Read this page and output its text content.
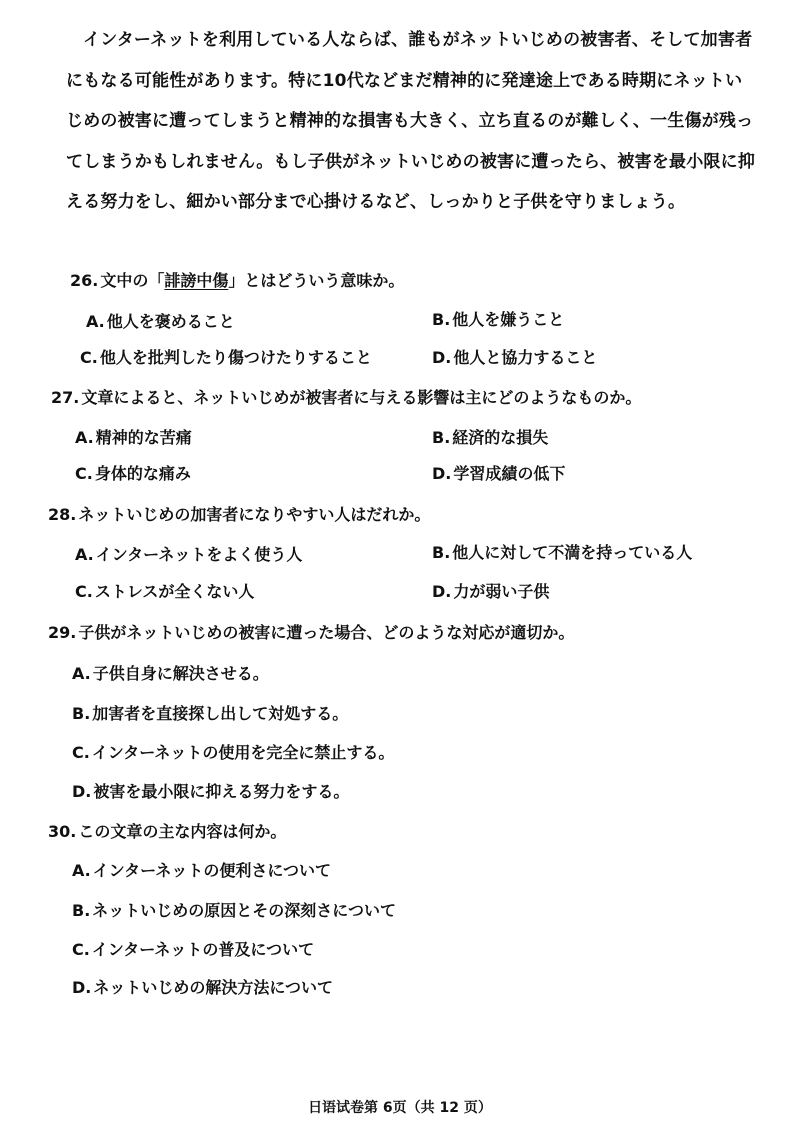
インターネットを利用している人ならば、誰もがネットいじめの被害者、そして加害者にもなる可能性があります。特に10代などまだ精神的に発達途上である時期にネットいじめの被害に遭ってしまうと精神的な損害も大きく、立ち直るのが難しく、一生傷が残ってしまうかもしれません。もし子供がネットいじめの被害に遭ったら、被害を最小限に抑える努力をし、細かい部分まで心掛けるなど、しっかりと子供を守りましょう。

26. 文中の「誹謗中傷」とはどういう意味か。
A. 他人を褒めること	B. 他人を嫌うこと
C. 他人を批判したり傷つけたりすること	D. 他人と協力すること
27. 文章によると、ネットいじめが被害者に与える影響は主にどのようなものか。
A. 精神的な苦痛	B. 経済的な損失
C. 身体的な痛み	D. 学習成績の低下
28. ネットいじめの加害者になりやすい人はだれか。
A. インターネットをよく使う人	B. 他人に対して不満を持っている人
C. ストレスが全くない人	D. 力が弱い子供
29. 子供がネットいじめの被害に遭った場合、どのような対応が適切か。
A. 子供自身に解決させる。
B. 加害者を直接探し出して対処する。
C. インターネットの使用を完全に禁止する。
D. 被害を最小限に抑える努力をする。
30. この文章の主な内容は何か。
A. インターネットの便利さについて
B. ネットいじめの原因とその深刻さについて
C. インターネットの普及について
D. ネットいじめの解決方法について
日语试卷第 6页（共 12 页）
